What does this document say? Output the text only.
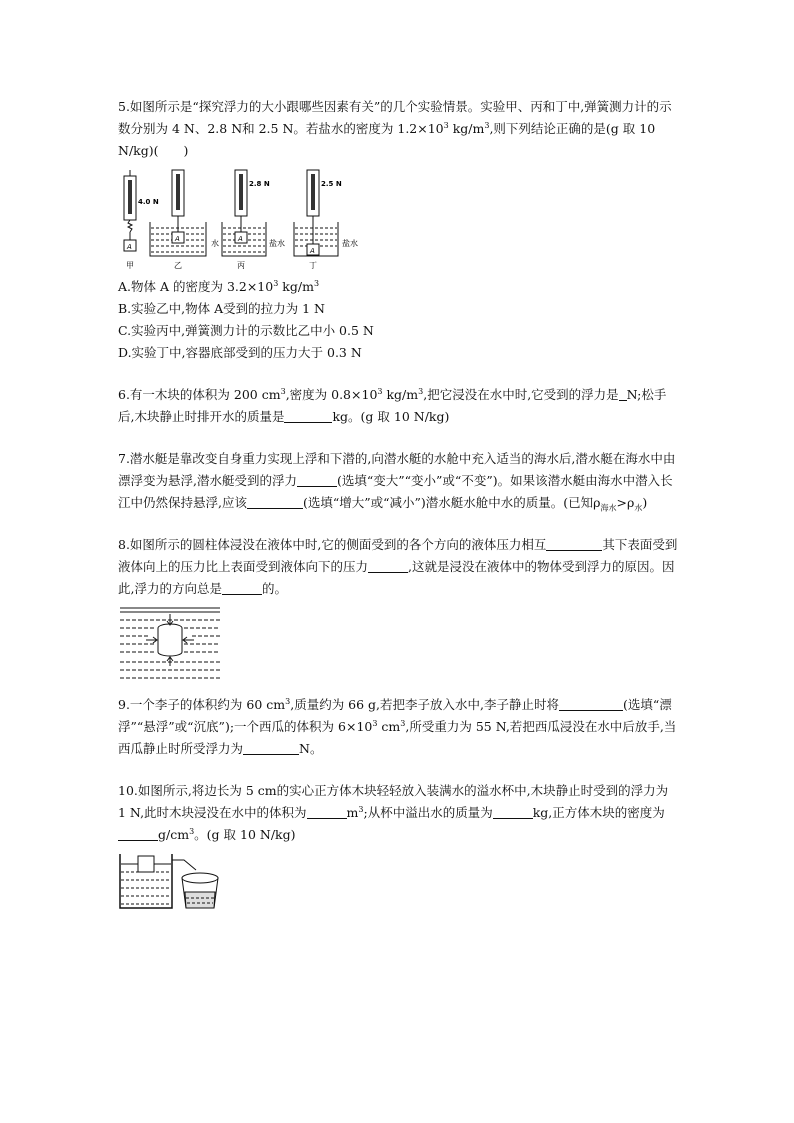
5.如图所示是“探究浮力的大小跟哪些因素有关”的几个实验情景。实验甲、丙和丁中,弹簧测力计的示数分别为 4 N、2.8 N和 2.5 N。若盐水的密度为 $1.2\times 10^3$ $kg/m^3$,则下列结论正确的是(g 取 10 N/kg)(　　)

A
4.0 N
A	水
2.8 N
A	盐水
2.5 N
A
盐水
甲	乙	丙	丁

A.物体 A 的密度为 $3.2\times 10^3$ $kg/m^3$

B.实验乙中,物体 A受到的拉力为 1 N

C.实验丙中,弹簧测力计的示数比乙中小 0.5 N

D.实验丁中,容器底部受到的压力大于 0.3 N

6.有一木块的体积为 200 $cm^3$,密度为 $0.8\times 10^3$ $kg/m^3$,把它浸没在水中时,它受到的浮力是 N;松手后,木块静止时排开水的质量是	kg。(g 取 10 N/kg)

7.潜水艇是靠改变自身重力实现上浮和下潜的,向潜水艇的水舱中充入适当的海水后,潜水艇在海水中由漂浮变为悬浮,潜水艇受到的浮力	(选填“变大”“变小”或“不变”)。如果该潜水艇由海水中潜入长江中仍然保持悬浮,应该	(选填“增大”或“减小”)潜水艇水舱中水的质量。(已知$\rho_{海水}>\rho_水$)

8.如图所示的圆柱体浸没在液体中时,它的侧面受到的各个方向的液体压力相互	其下表面受到液体向上的压力比上表面受到液体向下的压力	,这就是浸没在液体中的物体受到浮力的原因。因此,浮力的方向总是	的。

9.一个李子的体积约为 60 $cm^3$,质量约为 66 g,若把李子放入水中,李子静止时将	(选填“漂浮”“悬浮”或“沉底”);一个西瓜的体积为 $6\times 10^3$ $cm^3$,所受重力为 55 N,若把西瓜浸没在水中后放手,当西瓜静止时所受浮力为	N。

10.如图所示,将边长为 5 cm的实心正方体木块轻轻放入装满水的溢水杯中,木块静止时受到的浮力为 1 N,此时木块浸没在水中的体积为	$m^3$;从杯中溢出水的质量为	kg,正方体木块的密度为$g/cm^3$。(g 取 10 N/kg)
